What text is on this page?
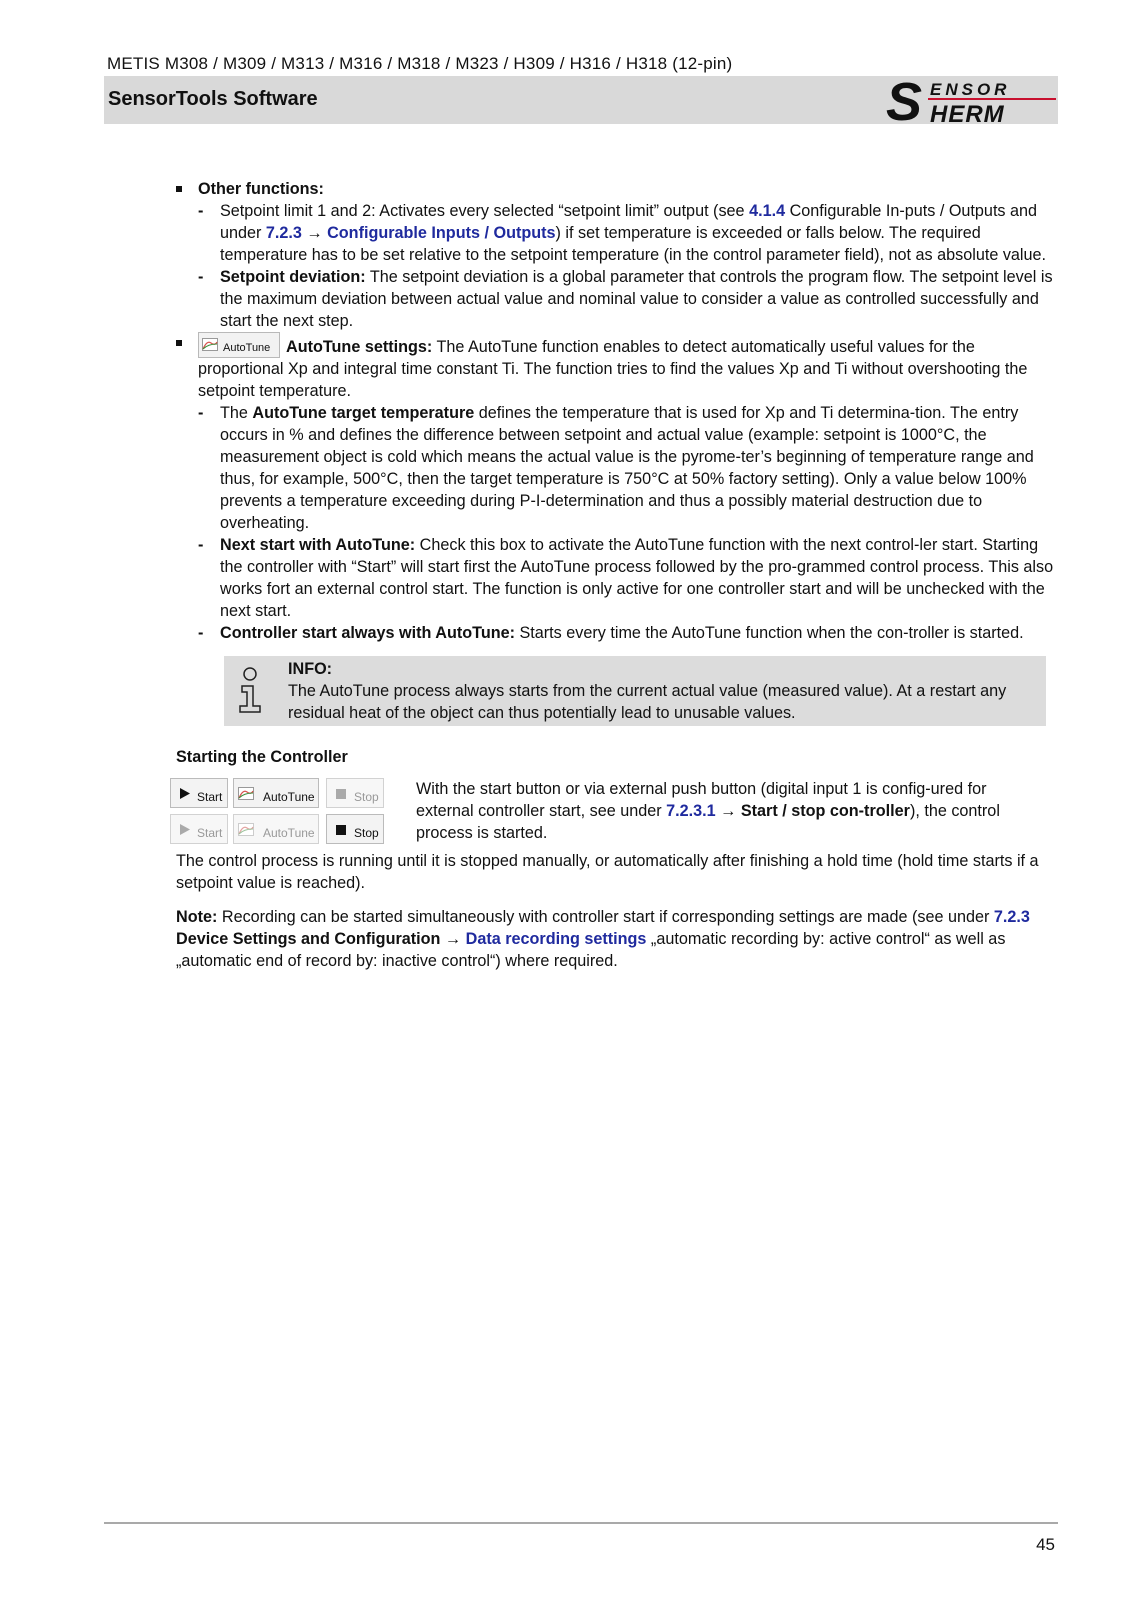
METIS M308 / M309 / M313 / M316 / M318 / M323 / H309 / H316 / H318 (12-pin)
SensorTools Software	S ENSOR
HERM
Other functions:
- Setpoint limit 1 and 2: Activates every selected “setpoint limit” output (see 4.1.4 Configurable In-puts / Outputs and under 7.2.3 → Configurable Inputs / Outputs) if set temperature is exceeded or falls below. The required temperature has to be set relative to the setpoint temperature (in the control parameter field), not as absolute value.
- Setpoint deviation: The setpoint deviation is a global parameter that controls the program flow. The setpoint level is the maximum deviation between actual value and nominal value to consider a value as controlled successfully and start the next step.
AutoTune AutoTune settings: The AutoTune function enables to detect automatically useful values for the proportional Xp and integral time constant Ti. The function tries to find the values Xp and Ti without overshooting the setpoint temperature.
- The AutoTune target temperature defines the temperature that is used for Xp and Ti determina-tion. The entry occurs in % and defines the difference between setpoint and actual value (example: setpoint is 1000°C, the measurement object is cold which means the actual value is the pyrome-ter’s beginning of temperature range and thus, for example, 500°C, then the target temperature is 750°C at 50% factory setting). Only a value below 100% prevents a temperature exceeding during P-I-determination and thus a possibly material destruction due to overheating.
- Next start with AutoTune: Check this box to activate the AutoTune function with the next control-ler start. Starting the controller with “Start” will start first the AutoTune process followed by the pro-grammed control process. This also works fort an external control start. The function is only active for one controller start and will be unchecked with the next start.
- Controller start always with AutoTune: Starts every time the AutoTune function when the con-troller is started.
INFO:
The AutoTune process always starts from the current actual value (measured value). At a restart any residual heat of the object can thus potentially lead to unusable values.
Starting the Controller
Start	AutoTune	Stop
Start	AutoTune	Stop
With the start button or via external push button (digital input 1 is config-ured for external controller start, see under 7.2.3.1 → Start / stop con-troller), the control process is started.
The control process is running until it is stopped manually, or automatically after finishing a hold time (hold time starts if a setpoint value is reached).
Note: Recording can be started simultaneously with controller start if corresponding settings are made (see under 7.2.3 Device Settings and Configuration → Data recording settings „automatic recording by: active control“ as well as „automatic end of record by: inactive control“) where required.
45
